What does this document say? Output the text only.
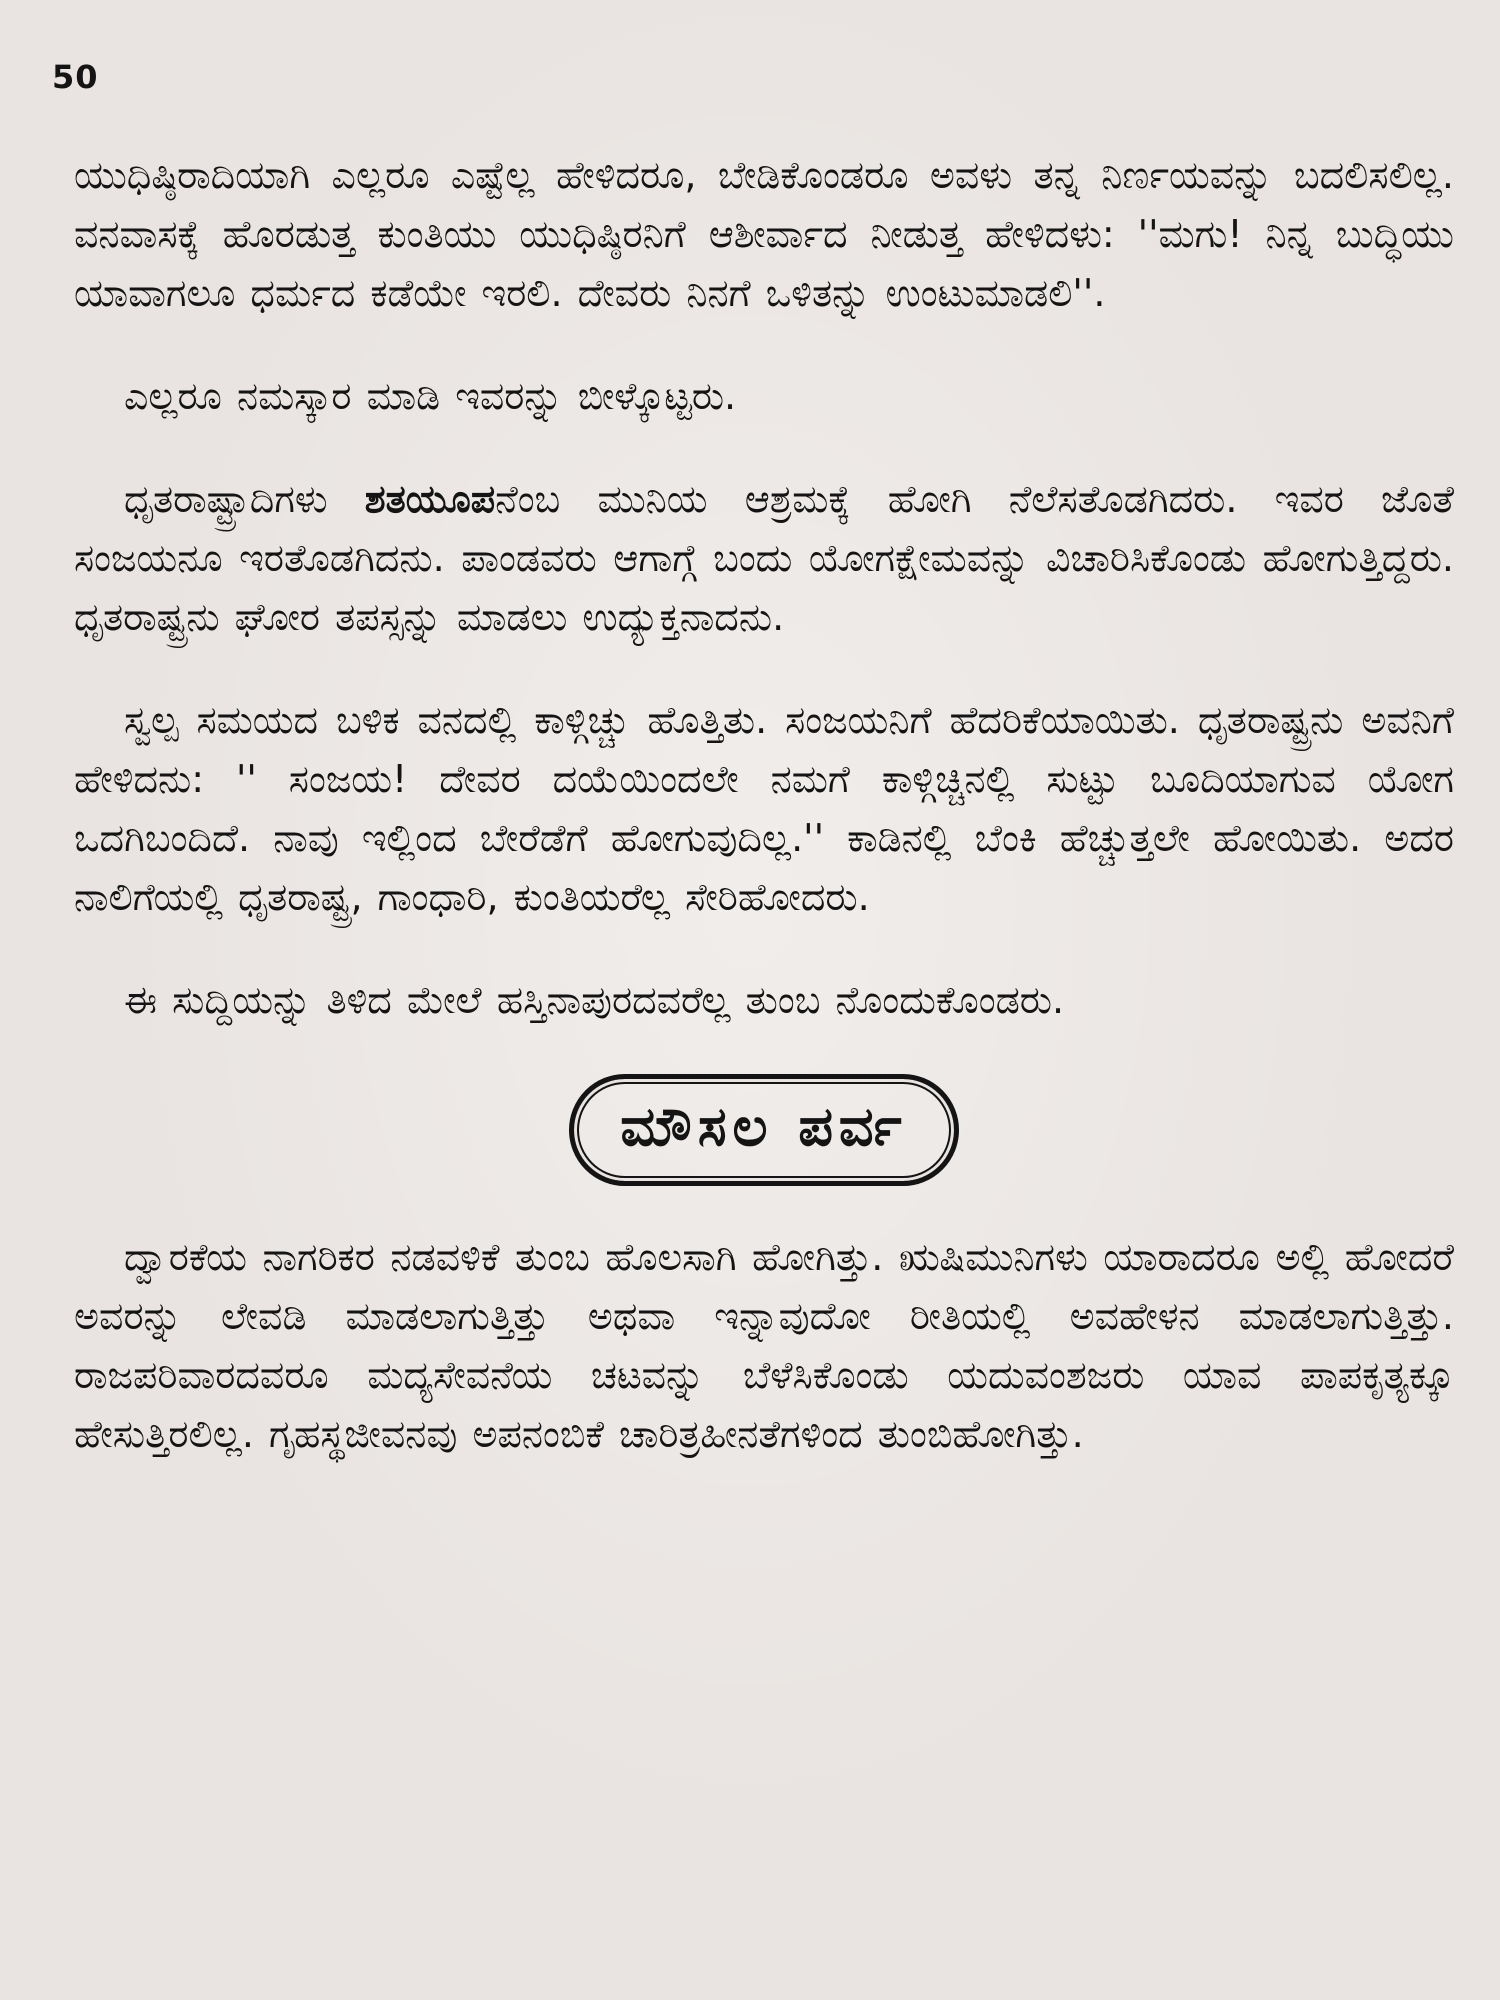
50

ಯುಧಿಷ್ಠಿರಾದಿಯಾಗಿ ಎಲ್ಲರೂ ಎಷ್ಟೆಲ್ಲ ಹೇಳಿದರೂ, ಬೇಡಿಕೊಂಡರೂ ಅವಳು ತನ್ನ ನಿರ್ಣಯವನ್ನು ಬದಲಿಸಲಿಲ್ಲ. ವನವಾಸಕ್ಕೆ ಹೊರಡುತ್ತ ಕುಂತಿಯು ಯುಧಿಷ್ಠಿರನಿಗೆ ಆಶೀರ್ವಾದ ನೀಡುತ್ತ ಹೇಳಿದಳು: ''ಮಗು! ನಿನ್ನ ಬುದ್ಧಿಯು ಯಾವಾಗಲೂ ಧರ್ಮದ ಕಡೆಯೇ ಇರಲಿ. ದೇವರು ನಿನಗೆ ಒಳಿತನ್ನು ಉಂಟುಮಾಡಲಿ''.

ಎಲ್ಲರೂ ನಮಸ್ಕಾರ ಮಾಡಿ ಇವರನ್ನು ಬೀಳ್ಕೊಟ್ಟರು.

ಧೃತರಾಷ್ಟ್ರಾದಿಗಳು ಶತಯೂಪನೆಂಬ ಮುನಿಯ ಆಶ್ರಮಕ್ಕೆ ಹೋಗಿ ನೆಲೆಸತೊಡಗಿದರು. ಇವರ ಜೊತೆ ಸಂಜಯನೂ ಇರತೊಡಗಿದನು. ಪಾಂಡವರು ಆಗಾಗ್ಗೆ ಬಂದು ಯೋಗಕ್ಷೇಮವನ್ನು ವಿಚಾರಿಸಿಕೊಂಡು ಹೋಗುತ್ತಿದ್ದರು. ಧೃತರಾಷ್ಟ್ರನು ಘೋರ ತಪಸ್ಸನ್ನು ಮಾಡಲು ಉದ್ಯುಕ್ತನಾದನು.

ಸ್ವಲ್ಪ ಸಮಯದ ಬಳಿಕ ವನದಲ್ಲಿ ಕಾಳ್ಗಿಚ್ಚು ಹೊತ್ತಿತು. ಸಂಜಯನಿಗೆ ಹೆದರಿಕೆಯಾಯಿತು. ಧೃತರಾಷ್ಟ್ರನು ಅವನಿಗೆ ಹೇಳಿದನು: '' ಸಂಜಯ! ದೇವರ ದಯೆಯಿಂದಲೇ ನಮಗೆ ಕಾಳ್ಗಿಚ್ಚಿನಲ್ಲಿ ಸುಟ್ಟು ಬೂದಿಯಾಗುವ ಯೋಗ ಒದಗಿಬಂದಿದೆ. ನಾವು ಇಲ್ಲಿಂದ ಬೇರೆಡೆಗೆ ಹೋಗುವುದಿಲ್ಲ.'' ಕಾಡಿನಲ್ಲಿ ಬೆಂಕಿ ಹೆಚ್ಚುತ್ತಲೇ ಹೋಯಿತು. ಅದರ ನಾಲಿಗೆಯಲ್ಲಿ ಧೃತರಾಷ್ಟ್ರ, ಗಾಂಧಾರಿ, ಕುಂತಿಯರೆಲ್ಲ ಸೇರಿಹೋದರು.

ಈ ಸುದ್ದಿಯನ್ನು ತಿಳಿದ ಮೇಲೆ ಹಸ್ತಿನಾಪುರದವರೆಲ್ಲ ತುಂಬ ನೊಂದುಕೊಂಡರು.

ಮೌಸಲ ಪರ್ವ

ದ್ವಾರಕೆಯ ನಾಗರಿಕರ ನಡವಳಿಕೆ ತುಂಬ ಹೊಲಸಾಗಿ ಹೋಗಿತ್ತು. ಋಷಿಮುನಿಗಳು ಯಾರಾದರೂ ಅಲ್ಲಿ ಹೋದರೆ ಅವರನ್ನು ಲೇವಡಿ ಮಾಡಲಾಗುತ್ತಿತ್ತು ಅಥವಾ ಇನ್ನಾವುದೋ ರೀತಿಯಲ್ಲಿ ಅವಹೇಳನ ಮಾಡಲಾಗುತ್ತಿತ್ತು. ರಾಜಪರಿವಾರದವರೂ ಮದ್ಯಸೇವನೆಯ ಚಟವನ್ನು ಬೆಳೆಸಿಕೊಂಡು ಯದುವಂಶಜರು ಯಾವ ಪಾಪಕೃತ್ಯಕ್ಕೂ ಹೇಸುತ್ತಿರಲಿಲ್ಲ. ಗೃಹಸ್ಥಜೀವನವು ಅಪನಂಬಿಕೆ ಚಾರಿತ್ರಹೀನತೆಗಳಿಂದ ತುಂಬಿಹೋಗಿತ್ತು.
